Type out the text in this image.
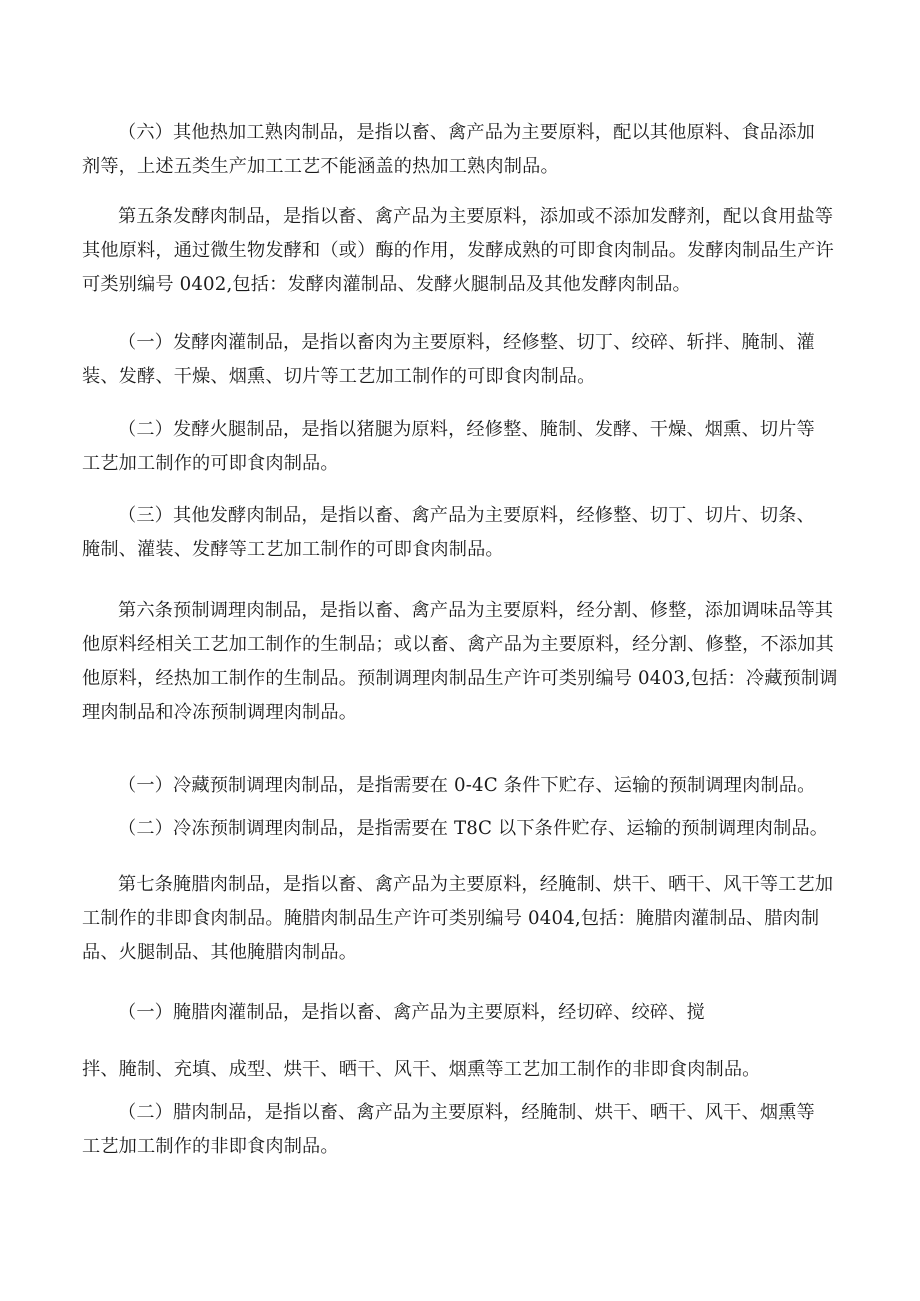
（六）其他热加工熟肉制品，是指以畜、禽产品为主要原料，配以其他原料、食品添加
剂等，上述五类生产加工工艺不能涵盖的热加工熟肉制品。
第五条发酵肉制品，是指以畜、禽产品为主要原料，添加或不添加发酵剂，配以食用盐等
其他原料，通过微生物发酵和（或）酶的作用，发酵成熟的可即食肉制品。发酵肉制品生产许
可类别编号 0402,包括：发酵肉灌制品、发酵火腿制品及其他发酵肉制品。
（一）发酵肉灌制品，是指以畜肉为主要原料，经修整、切丁、绞碎、斩拌、腌制、灌
装、发酵、干燥、烟熏、切片等工艺加工制作的可即食肉制品。
（二）发酵火腿制品，是指以猪腿为原料，经修整、腌制、发酵、干燥、烟熏、切片等
工艺加工制作的可即食肉制品。
（三）其他发酵肉制品，是指以畜、禽产品为主要原料，经修整、切丁、切片、切条、
腌制、灌装、发酵等工艺加工制作的可即食肉制品。
第六条预制调理肉制品，是指以畜、禽产品为主要原料，经分割、修整，添加调味品等其
他原料经相关工艺加工制作的生制品；或以畜、禽产品为主要原料，经分割、修整，不添加其
他原料，经热加工制作的生制品。预制调理肉制品生产许可类别编号 0403,包括：冷藏预制调
理肉制品和冷冻预制调理肉制品。
（一）冷藏预制调理肉制品，是指需要在 0-4C 条件下贮存、运输的预制调理肉制品。
（二）冷冻预制调理肉制品，是指需要在 T8C 以下条件贮存、运输的预制调理肉制品。
第七条腌腊肉制品，是指以畜、禽产品为主要原料，经腌制、烘干、晒干、风干等工艺加
工制作的非即食肉制品。腌腊肉制品生产许可类别编号 0404,包括：腌腊肉灌制品、腊肉制
品、火腿制品、其他腌腊肉制品。
（一）腌腊肉灌制品，是指以畜、禽产品为主要原料，经切碎、绞碎、搅
拌、腌制、充填、成型、烘干、晒干、风干、烟熏等工艺加工制作的非即食肉制品。
（二）腊肉制品，是指以畜、禽产品为主要原料，经腌制、烘干、晒干、风干、烟熏等
工艺加工制作的非即食肉制品。
